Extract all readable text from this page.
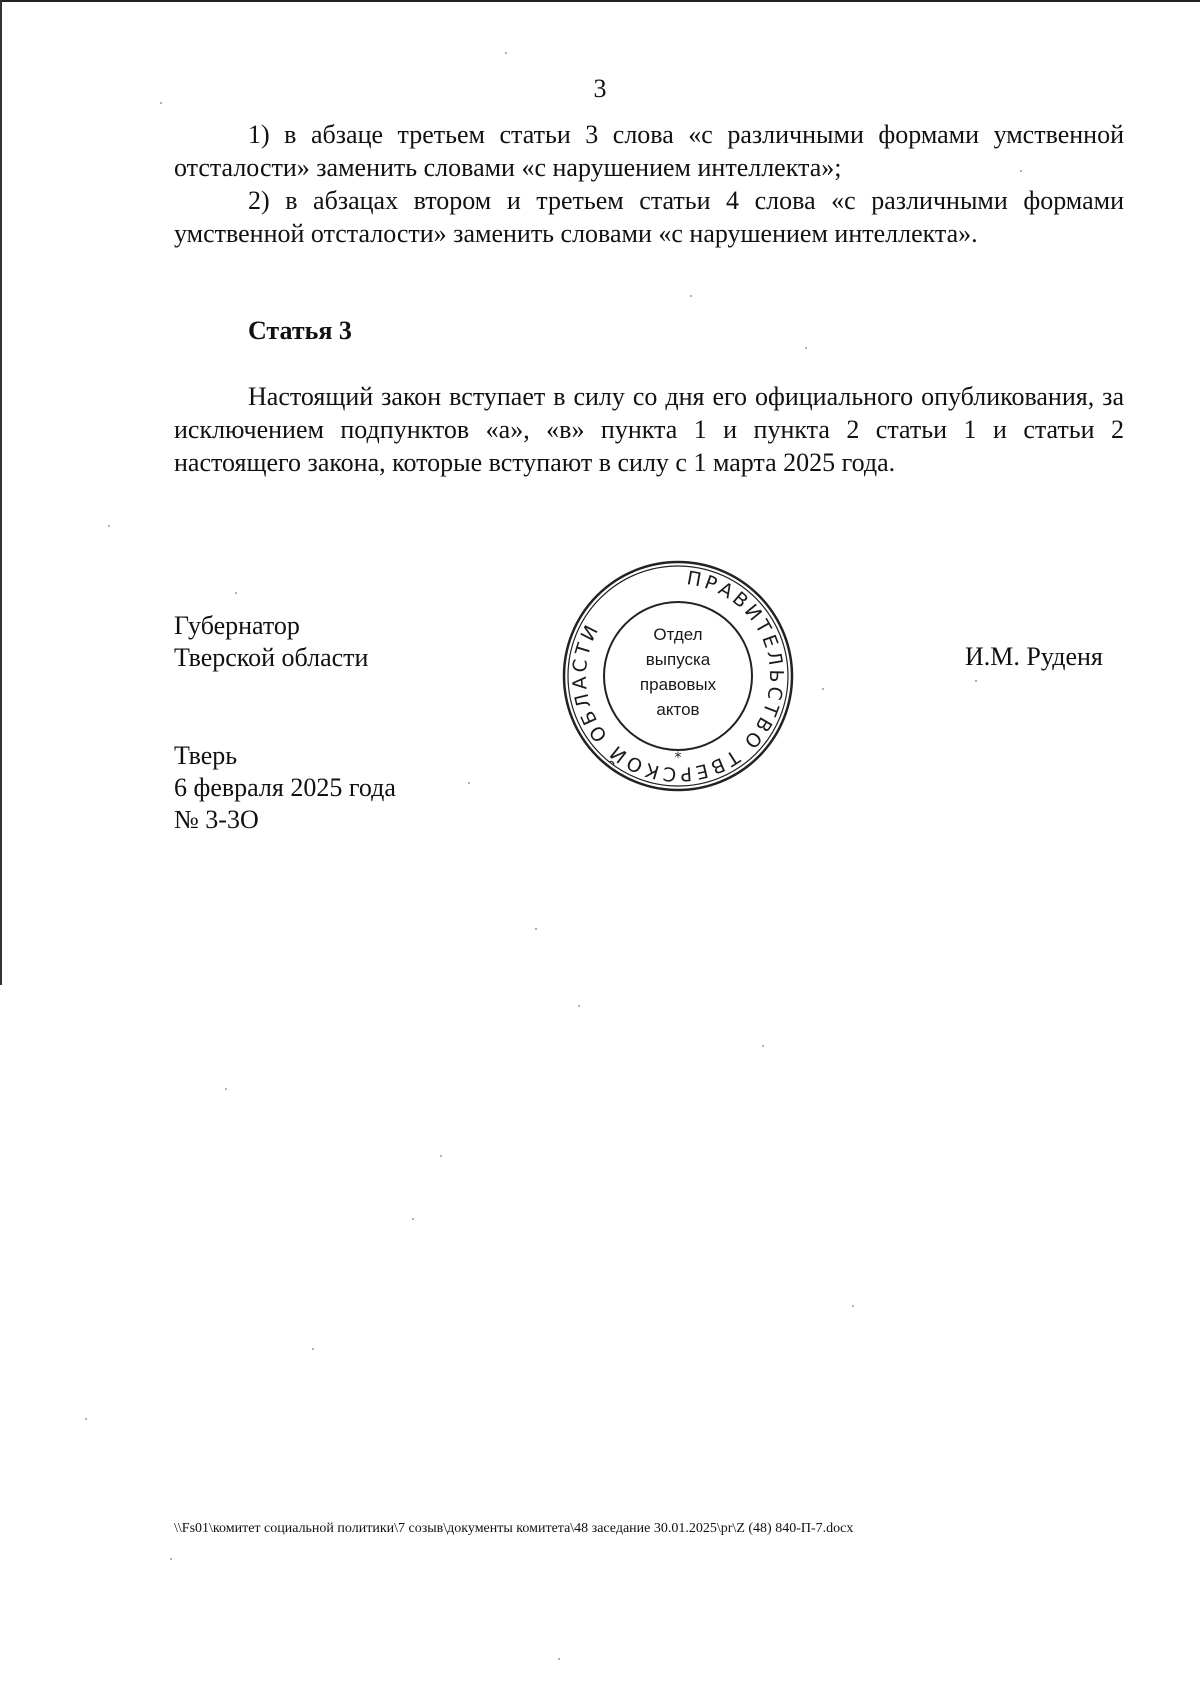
3

1) в абзаце третьем статьи 3 слова «с различными формами умственной отсталости» заменить словами «с нарушением интеллекта»;

2) в абзацах втором и третьем статьи 4 слова «с различными формами умственной отсталости» заменить словами «с нарушением интеллекта».

Статья 3

Настоящий закон вступает в силу со дня его официального опубликования, за исключением подпунктов «а», «в» пункта 1 и пункта 2 статьи 1 и статьи 2 настоящего закона, которые вступают в силу с 1 марта 2025 года.

Губернатор
Тверской области
ПРАВИТЕЛЬСТВО ТВЕРСКОЙ ОБЛАСТИ
*
Отдел
выпуска
правовых
актов
И.М. Руденя
Тверь
6 февраля 2025 года
№ 3-3О
\\Fs01\комитет социальной политики\7 созыв\документы комитета\48 заседание 30.01.2025\pr\Z (48) 840-П-7.docx
